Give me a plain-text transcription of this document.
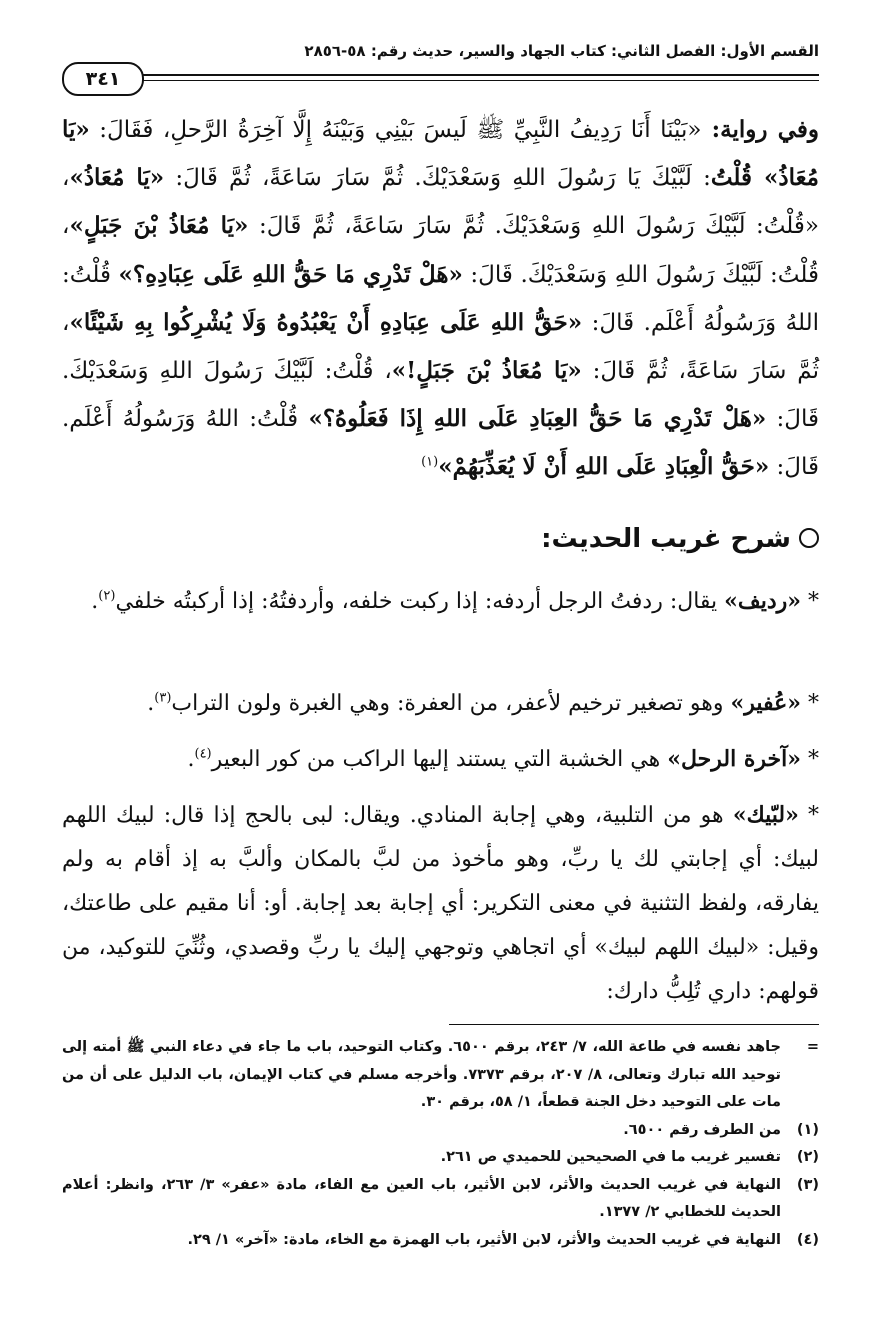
القسم الأول: الفصل الثاني: كتاب الجهاد والسير، حديث رقم: ٥٨-٢٨٥٦
٣٤١

وفي رواية: «بَيْنَا أَنَا رَدِيفُ النَّبِيِّ ﷺ لَيسَ بَيْنِي وَبَيْنَهُ إِلَّا آخِرَةُ الرَّحلِ، فَقَالَ: «يَا مُعَاذُ» قُلْتُ: لَبَّيْكَ يَا رَسُولَ اللهِ وَسَعْدَيْكَ. ثُمَّ سَارَ سَاعَةً، ثُمَّ قَالَ: «يَا مُعَاذُ»، «قُلْتُ: لَبَّيْكَ رَسُولَ اللهِ وَسَعْدَيْكَ. ثُمَّ سَارَ سَاعَةً، ثُمَّ قَالَ: «يَا مُعَاذُ بْنَ جَبَلٍ»، قُلْتُ: لَبَّيْكَ رَسُولَ اللهِ وَسَعْدَيْكَ. قَالَ: «هَلْ تَدْرِي مَا حَقُّ اللهِ عَلَى عِبَادِهِ؟» قُلْتُ: اللهُ وَرَسُولُهُ أَعْلَم. قَالَ: «حَقُّ اللهِ عَلَى عِبَادِهِ أَنْ يَعْبُدُوهُ وَلَا يُشْرِكُوا بِهِ شَيْئًا»، ثُمَّ سَارَ سَاعَةً، ثُمَّ قَالَ: «يَا مُعَاذُ بْنَ جَبَلٍ!»، قُلْتُ: لَبَّيْكَ رَسُولَ اللهِ وَسَعْدَيْكَ. قَالَ: «هَلْ تَدْرِي مَا حَقُّ العِبَادِ عَلَى اللهِ إِذَا فَعَلُوهُ؟» قُلْتُ: اللهُ وَرَسُولُهُ أَعْلَم. قَالَ: «حَقُّ الْعِبَادِ عَلَى اللهِ أَنْ لَا يُعَذِّبَهُمْ»$^{(١)}$

شرح غريب الحديث:

* «رديف» يقال: ردفتُ الرجل أردفه: إذا ركبت خلفه، وأردفتُهُ: إذا أركبتُه خلفي$^{(٢)}$.

* «عُفير» وهو تصغير ترخيم لأعفر، من العفرة: وهي الغبرة ولون التراب$^{(٣)}$.

* «آخرة الرحل» هي الخشبة التي يستند إليها الراكب من كور البعير$^{(٤)}$.

* «لبّيك» هو من التلبية، وهي إجابة المنادي. ويقال: لبى بالحج إذا قال: لبيك اللهم لبيك: أي إجابتي لك يا ربِّ، وهو مأخوذ من لبَّ بالمكان وألبَّ به إذ أقام به ولم يفارقه، ولفظ التثنية في معنى التكرير: أي إجابة بعد إجابة. أو: أنا مقيم على طاعتك، وقيل: «لبيك اللهم لبيك» أي اتجاهي وتوجهي إليك يا ربِّ وقصدي، وثُنِّيَ للتوكيد، من قولهم: داري تُلِبُّ دارك:

=
جاهد نفسه في طاعة الله، ٧/ ٢٤٣، برقم ٦٥٠٠. وكتاب التوحيد، باب ما جاء في دعاء النبي ﷺ أمته إلى توحيد الله تبارك وتعالى، ٨/ ٢٠٧، برقم ٧٣٧٣. وأخرجه مسلم في كتاب الإيمان، باب الدليل على أن من مات على التوحيد دخل الجنة قطعاً، ١/ ٥٨، برقم ٣٠.
(١)
من الطرف رقم ٦٥٠٠.
(٢)
تفسير غريب ما في الصحيحين للحميدي ص ٢٦١.
(٣)
النهاية في غريب الحديث والأثر، لابن الأثير، باب العين مع الفاء، مادة «عفر» ٣/ ٢٦٣، وانظر: أعلام الحديث للخطابي ٢/ ١٣٧٧.
(٤)
النهاية في غريب الحديث والأثر، لابن الأثير، باب الهمزة مع الخاء، مادة: «آخر» ١/ ٢٩.
